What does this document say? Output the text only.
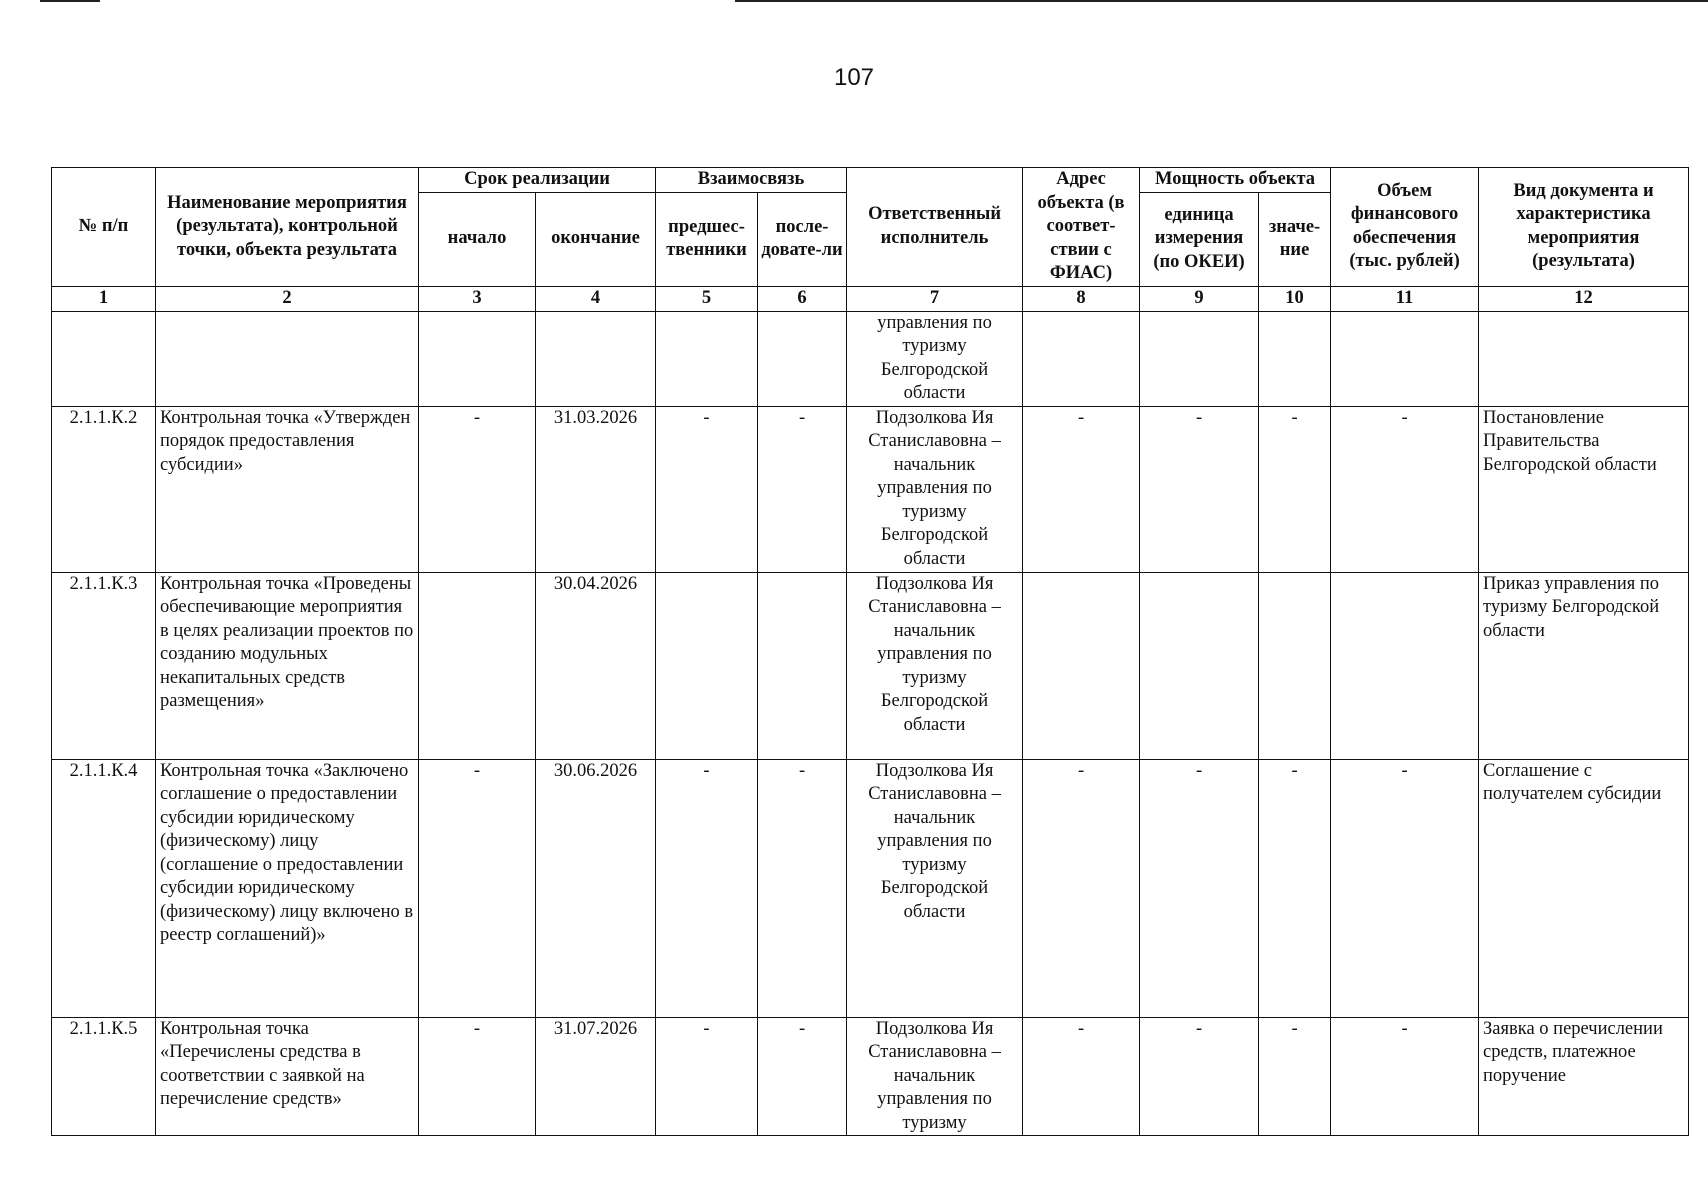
107
№ п/п	Наименование мероприятия (результата), контрольной точки, объекта результата	Срок реализации		Взаимосвязь		Ответственный исполнитель	Адрес объекта (в соответ-ствии с ФИАС)	Мощность объекта		Объем финансового обеспечения (тыс. рублей)	Вид документа и характеристика мероприятия (результата)
		начало	окончание	предшес-твенники	после-довате-ли			единица измерения (по ОКЕИ)	значе-ние		
1	2	3	4	5	6	7	8	9	10	11	12
						управления по туризму Белгородской области					
2.1.1.К.2	Контрольная точка «Утвержден порядок предоставления субсидии»	-	31.03.2026	-	-	Подзолкова Ия Станиславовна – начальник управления по туризму Белгородской области	-	-	-	-	Постановление Правительства Белгородской области
2.1.1.К.3	Контрольная точка «Проведены обеспечивающие мероприятия в целях реализации проектов по созданию модульных некапитальных средств размещения»		30.04.2026			Подзолкова Ия Станиславовна – начальник управления по туризму Белгородской области					Приказ управления по туризму Белгородской области
2.1.1.К.4	Контрольная точка «Заключено соглашение о предоставлении субсидии юридическому (физическому) лицу (соглашение о предоставлении субсидии юридическому (физическому) лицу включено в реестр соглашений)»	-	30.06.2026	-	-	Подзолкова Ия Станиславовна – начальник управления по туризму Белгородской области	-	-	-	-	Соглашение с получателем субсидии
2.1.1.К.5	Контрольная точка «Перечислены средства в соответствии с заявкой на перечисление средств»	-	31.07.2026	-	-	Подзолкова Ия Станиславовна – начальник управления по туризму	-	-	-	-	Заявка о перечислении средств, платежное поручение
